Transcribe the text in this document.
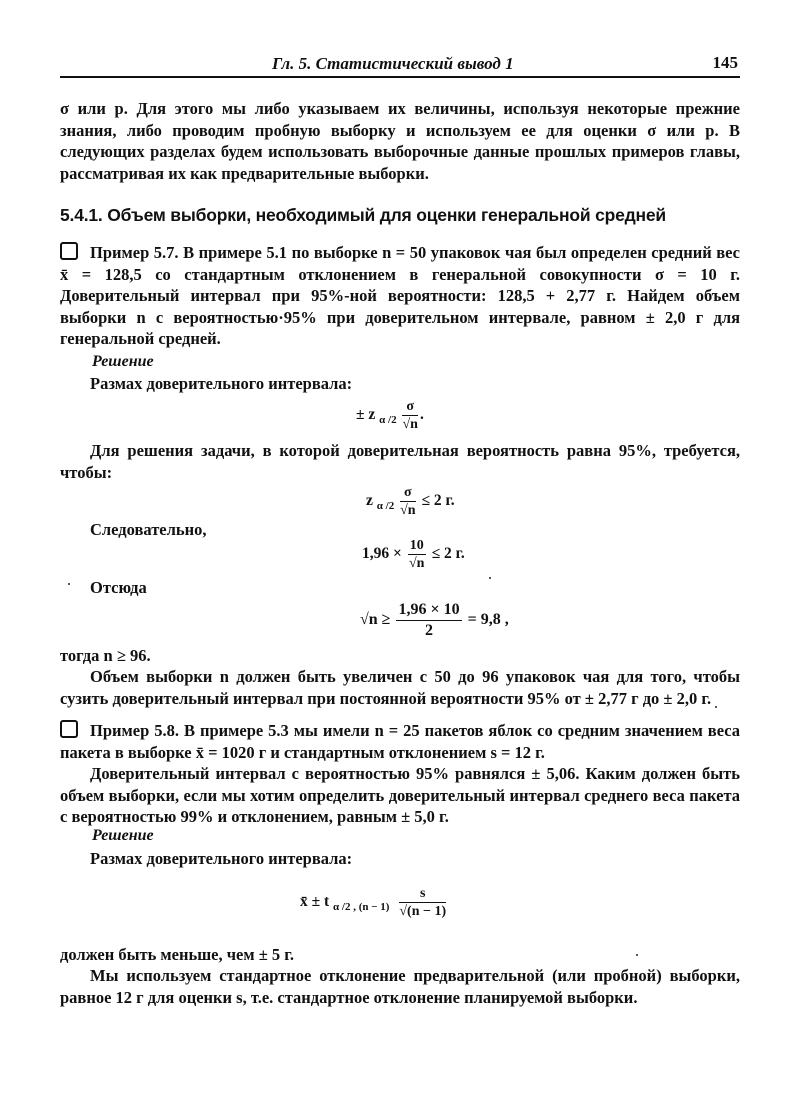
Гл. 5. Статистический вывод 1	145

σ или p. Для этого мы либо указываем их величины, используя некоторые прежние знания, либо проводим пробную выборку и используем ее для оценки σ или p. В следующих разделах будем использовать выборочные данные прошлых примеров главы, рассматривая их как предварительные выборки.

5.4.1. Объем выборки, необходимый для оценки генеральной средней

Пример 5.7. В примере 5.1 по выборке n = 50 упаковок чая был определен средний вес x̄ = 128,5 со стандартным отклонением в генеральной совокупности σ = 10 г. Доверительный интервал при 95%-ной вероятности: 128,5 + 2,77 г. Найдем объем выборки n с вероятностью·95% при доверительном интервале, равном ± 2,0 г для генеральной средней.

Решение
Размах доверительного интервала:
± z $_{\alpha /2} \frac{\sigma}{√n}$ .

Для решения задачи, в которой доверительная вероятность равна 95%, требуется, чтобы:

z $_{\alpha /2} \frac{\sigma}{√n} \le 2$ г.
Следовательно,
$1,96 \times \frac{10}{√n} \le 2$ г.
Отсюда
$√n \ge \frac{1,96 \times 10}{2} = 9,8$ ,
тогда n ≥ 96.

Объем выборки n должен быть увеличен с 50 до 96 упаковок чая для того, чтобы сузить доверительный интервал при постоянной вероятности 95% от ± 2,77 г до ± 2,0 г.

Пример 5.8. В примере 5.3 мы имели n = 25 пакетов яблок со средним значением веса пакета в выборке x̄ = 1020 г и стандартным отклонением s = 12 г.

Доверительный интервал с вероятностью 95% равнялся ± 5,06. Каким должен быть объем выборки, если мы хотим определить доверительный интервал среднего веса пакета с вероятностью 99% и отклонением, равным ± 5,0 г.

Решение
Размах доверительного интервала:
x̄ ± t $_{\alpha /2 , (n - 1)} \frac{s}{√(n - 1)}$
должен быть меньше, чем ± 5 г.

Мы используем стандартное отклонение предварительной (или пробной) выборки, равное 12 г для оценки s, т.е. стандартное отклонение планируемой выборки.
